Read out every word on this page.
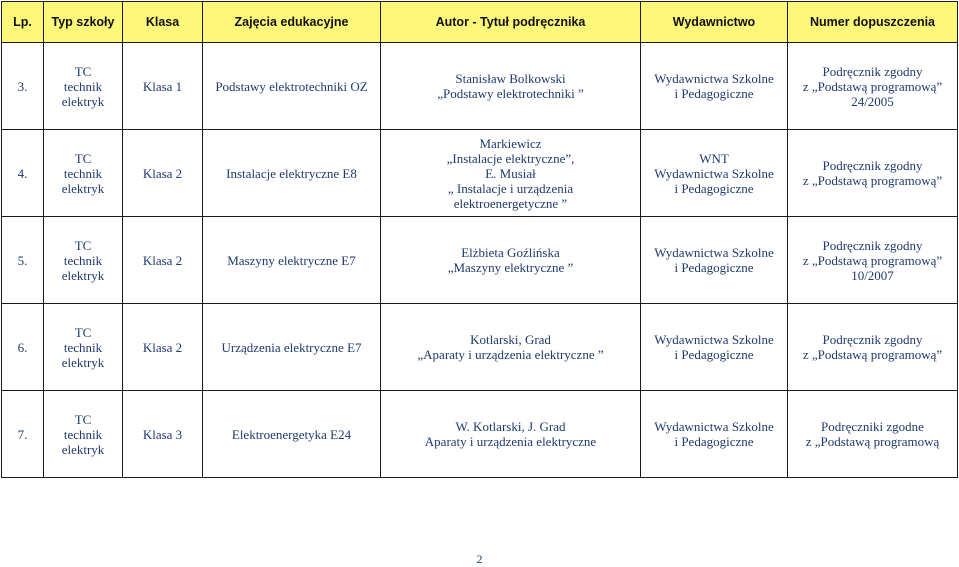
Lp.	Typ szkoły	Klasa	Zajęcia edukacyjne	Autor - Tytuł podręcznika	Wydawnictwo	Numer dopuszczenia
3.	TC
technik
elektryk	Klasa 1	Podstawy elektrotechniki OZ	Stanisław Bolkowski
„Podstawy elektrotechniki ”	Wydawnictwa Szkolne
i Pedagogiczne	Podręcznik zgodny
z „Podstawą programową”
24/2005

4.	TC
technik
elektryk	Klasa 2	Instalacje elektryczne E8	Markiewicz
„Instalacje elektryczne”,
E. Musiał
„ Instalacje i urządzenia
elektroenergetyczne ”	WNT
Wydawnictwa Szkolne
i Pedagogiczne	Podręcznik zgodny
z „Podstawą programową”

5.	TC
technik
elektryk	Klasa 2	Maszyny elektryczne E7	Elżbieta Goźlińska
„Maszyny elektryczne ”	Wydawnictwa Szkolne
i Pedagogiczne	Podręcznik zgodny
z „Podstawą programową”
10/2007

6.	TC
technik
elektryk	Klasa 2	Urządzenia elektryczne E7	Kotlarski, Grad
„Aparaty i urządzenia elektryczne ”	Wydawnictwa Szkolne
i Pedagogiczne	Podręcznik zgodny
z „Podstawą programową”

7.	TC
technik
elektryk	Klasa 3	Elektroenergetyka E24	W. Kotlarski, J. Grad
Aparaty i urządzenia elektryczne	Wydawnictwa Szkolne
i Pedagogiczne	Podręczniki zgodne
z „Podstawą programową
2
